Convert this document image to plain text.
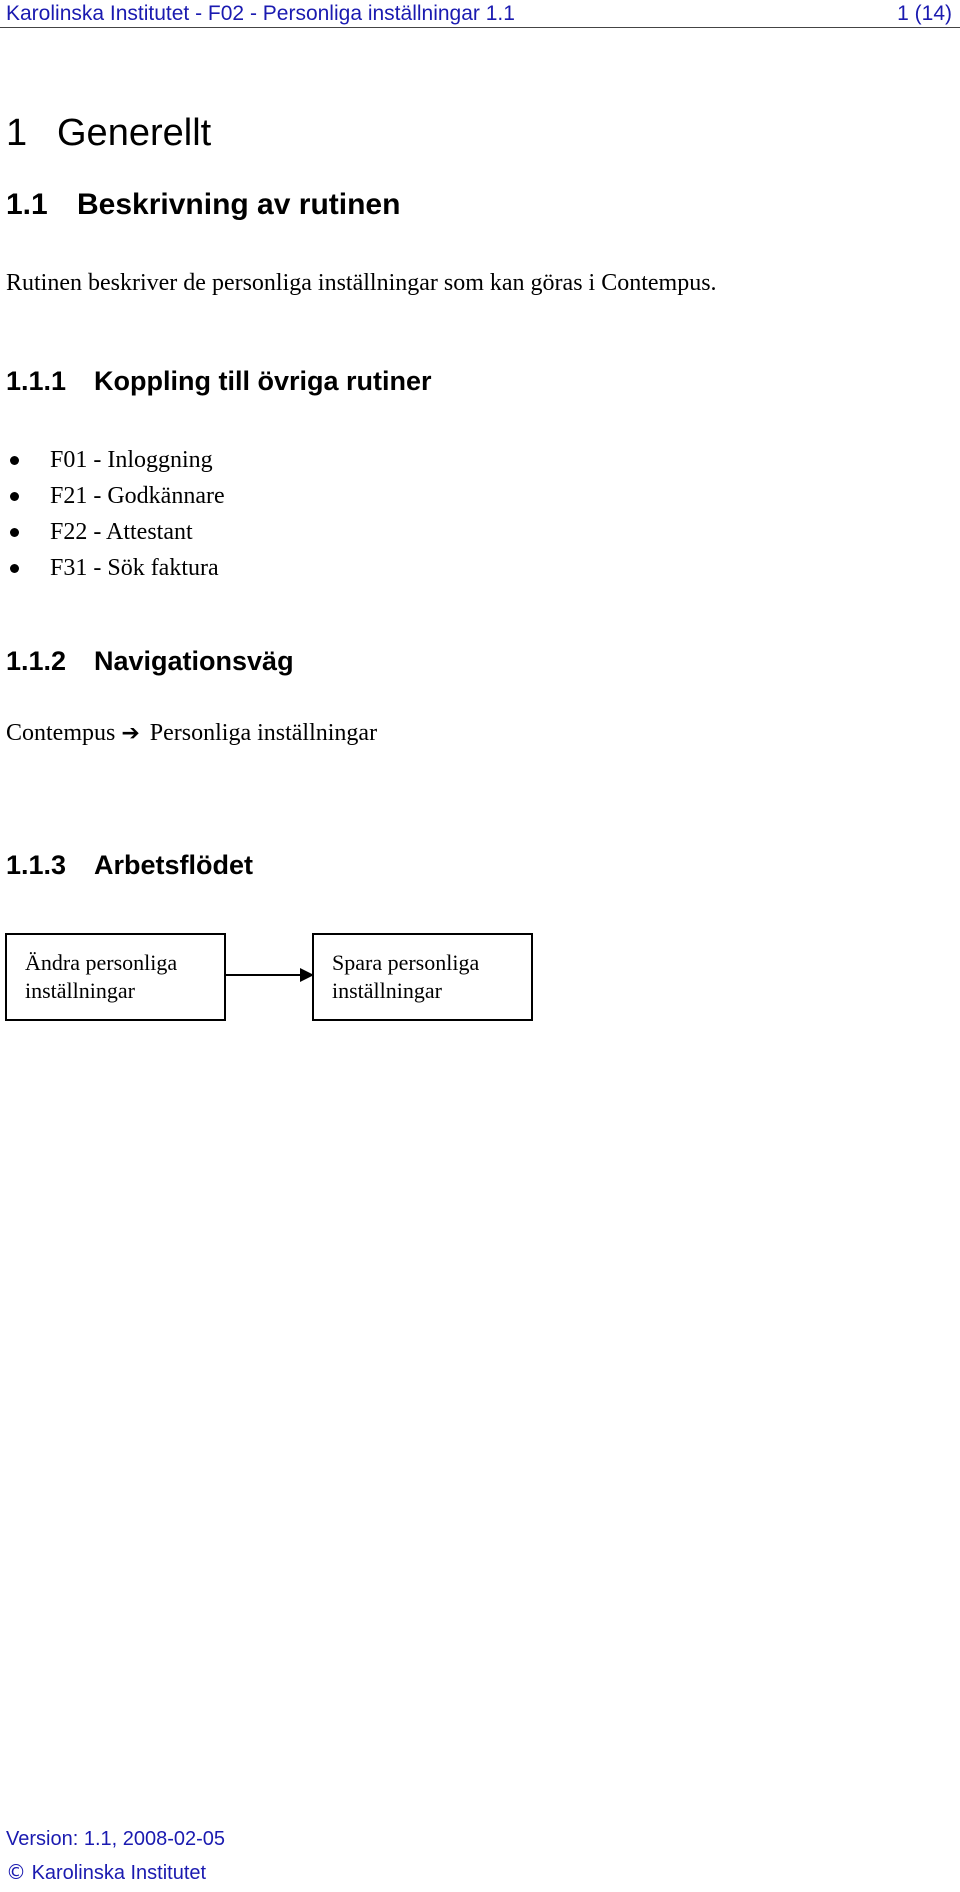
Karolinska Institutet - F02 - Personliga inställningar 1.1	1 (14)
1 Generellt
1.1 Beskrivning av rutinen
Rutinen beskriver de personliga inställningar som kan göras i Contempus.
1.1.1 Koppling till övriga rutiner
F01 - Inloggning
F21 - Godkännare
F22 - Attestant
F31 - Sök faktura
1.1.2 Navigationsväg
Contempus ➔ Personliga inställningar
1.1.3 Arbetsflödet
Ändra personliga inställningar
Spara personliga inställningar
Version: 1.1, 2008-02-05
© Karolinska Institutet
